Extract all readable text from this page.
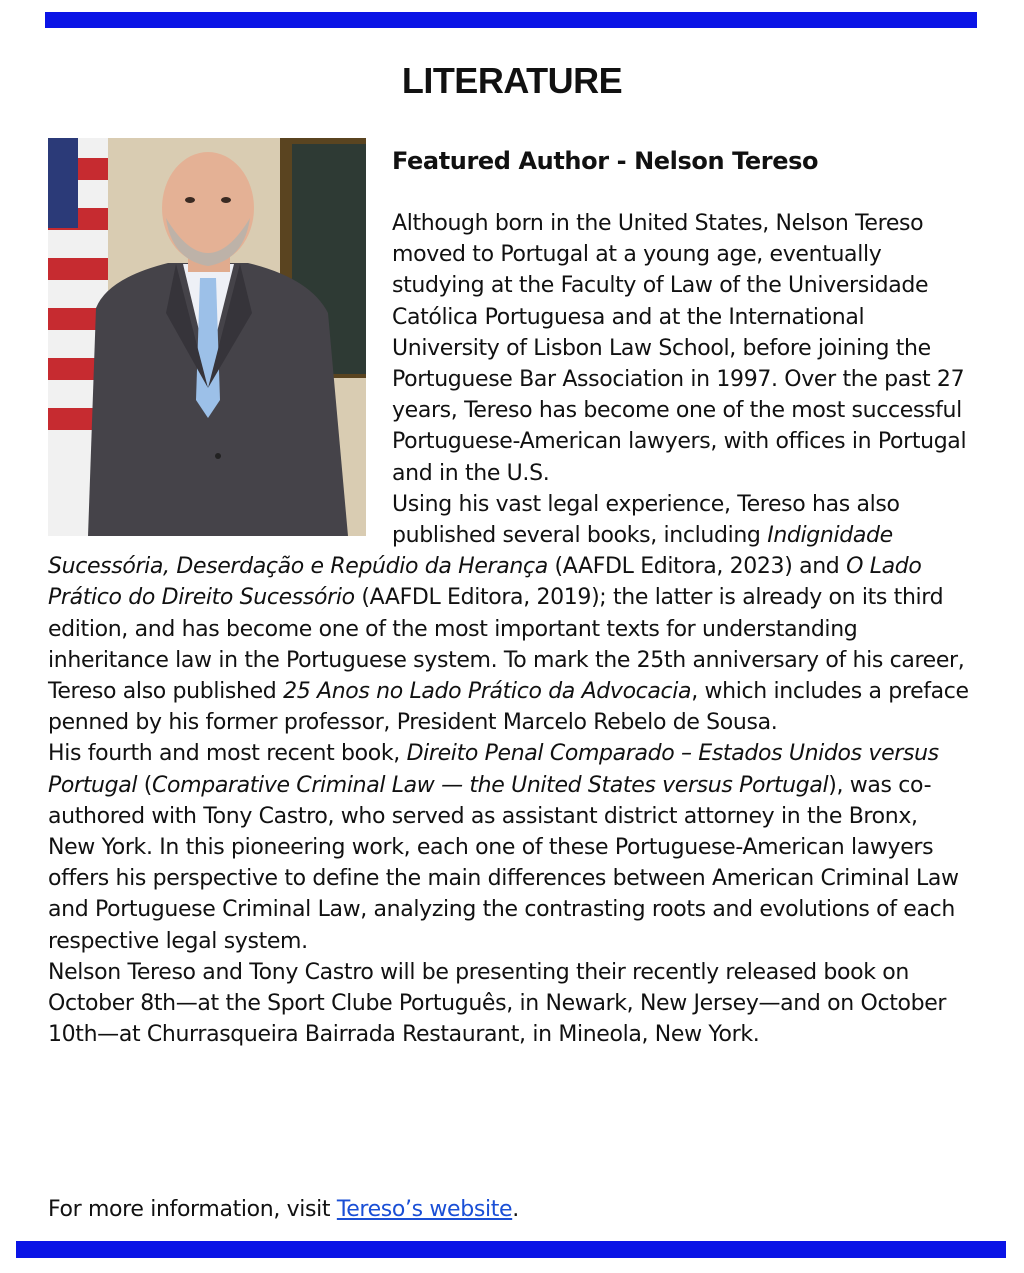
LITERATURE
Featured Author - Nelson Tereso

Although born in the United States, Nelson Tereso moved to Portugal at a young age, eventually studying at the Faculty of Law of the Universidade Católica Portuguesa and at the International University of Lisbon Law School, before joining the Portuguese Bar Association in 1997. Over the past 27 years, Tereso has become one of the most successful Portuguese-American lawyers, with offices in Portugal and in the U.S.

Using his vast legal experience, Tereso has also published several books, including Indignidade Sucessória, Deserdação e Repúdio da Herança (AAFDL Editora, 2023) and O Lado Prático do Direito Sucessório (AAFDL Editora, 2019); the latter is already on its third edition, and has become one of the most important texts for understanding inheritance law in the Portuguese system. To mark the 25th anniversary of his career, Tereso also published 25 Anos no Lado Prático da Advocacia, which includes a preface penned by his former professor, President Marcelo Rebelo de Sousa.

His fourth and most recent book, Direito Penal Comparado – Estados Unidos versus Portugal (Comparative Criminal Law — the United States versus Portugal), was co-authored with Tony Castro, who served as assistant district attorney in the Bronx, New York. In this pioneering work, each one of these Portuguese-American lawyers offers his perspective to define the main differences between American Criminal Law and Portuguese Criminal Law, analyzing the contrasting roots and evolutions of each respective legal system.

Nelson Tereso and Tony Castro will be presenting their recently released book on October 8th—at the Sport Clube Português, in Newark, New Jersey—and on October 10th—at Churrasqueira Bairrada Restaurant, in Mineola, New York.

For more information, visit Tereso’s website.
